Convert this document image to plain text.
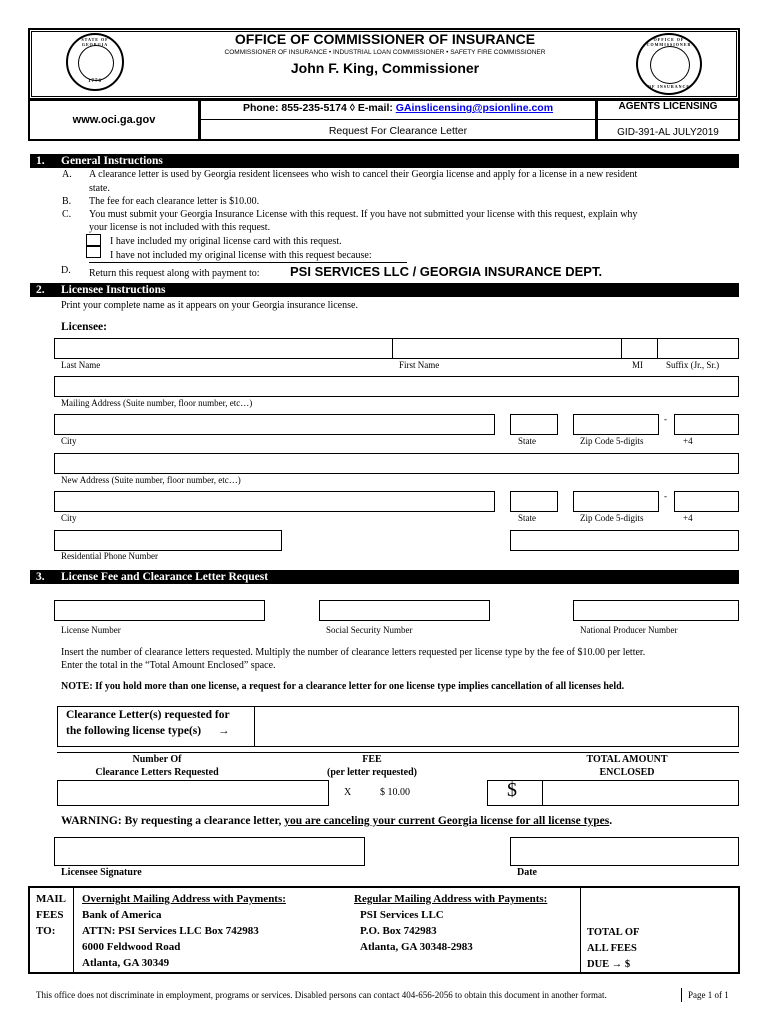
STATE OF GEORGIA
1776
OFFICE OF COMMISSIONER
OF INSURANCE
OFFICE OF COMMISSIONER OF INSURANCE
COMMISSIONER OF INSURANCE • INDUSTRIAL LOAN COMMISSIONER • SAFETY FIRE COMMISSIONER
John F. King, Commissioner
www.oci.ga.gov
Phone: 855-235-5174 ◊ E-mail: GAinslicensing@psionline.com
Request For Clearance Letter
AGENTS LICENSING
GID-391-AL JULY2019
1. General Instructions
A. A clearance letter is used by Georgia resident licensees who wish to cancel their Georgia license and apply for a license in a new resident
state.
B. The fee for each clearance letter is $10.00.
C. You must submit your Georgia Insurance License with this request. If you have not submitted your license with this request, explain why
your license is not included with this request.
I have included my original license card with this request.
I have not included my original license with this request because:
D. Return this request along with payment to: PSI SERVICES LLC / GEORGIA INSURANCE DEPT.
2. Licensee Instructions
Print your complete name as it appears on your Georgia insurance license.
Licensee:
Last Name	First Name	MI	Suffix (Jr., Sr.)
Mailing Address (Suite number, floor number, etc…)
-
City	State	Zip Code 5-digits	+4
New Address (Suite number, floor number, etc…)
-
City	State	Zip Code 5-digits	+4
Residential Phone Number
3. License Fee and Clearance Letter Request
License Number	Social Security Number	National Producer Number
Insert the number of clearance letters requested. Multiply the number of clearance letters requested per license type by the fee of $10.00 per letter.
Enter the total in the “Total Amount Enclosed” space.
NOTE: If you hold more than one license, a request for a clearance letter for one license type implies cancellation of all licenses held.
Clearance Letter(s) requested for
the following license type(s) →
Number Of
Clearance Letters Requested
FEE
(per letter requested)
TOTAL AMOUNT
ENCLOSED
X	$ 10.00	$
WARNING: By requesting a clearance letter, you are canceling your current Georgia license for all license types.
Licensee Signature	Date
MAIL
FEES
TO:
Overnight Mailing Address with Payments:
Bank of America
ATTN: PSI Services LLC Box 742983
6000 Feldwood Road
Atlanta, GA 30349
Regular Mailing Address with Payments:
PSI Services LLC
P.O. Box 742983
Atlanta, GA 30348-2983
TOTAL OF
ALL FEES
DUE → $
This office does not discriminate in employment, programs or services. Disabled persons can contact 404-656-2056 to obtain this document in another format.	Page 1 of 1
